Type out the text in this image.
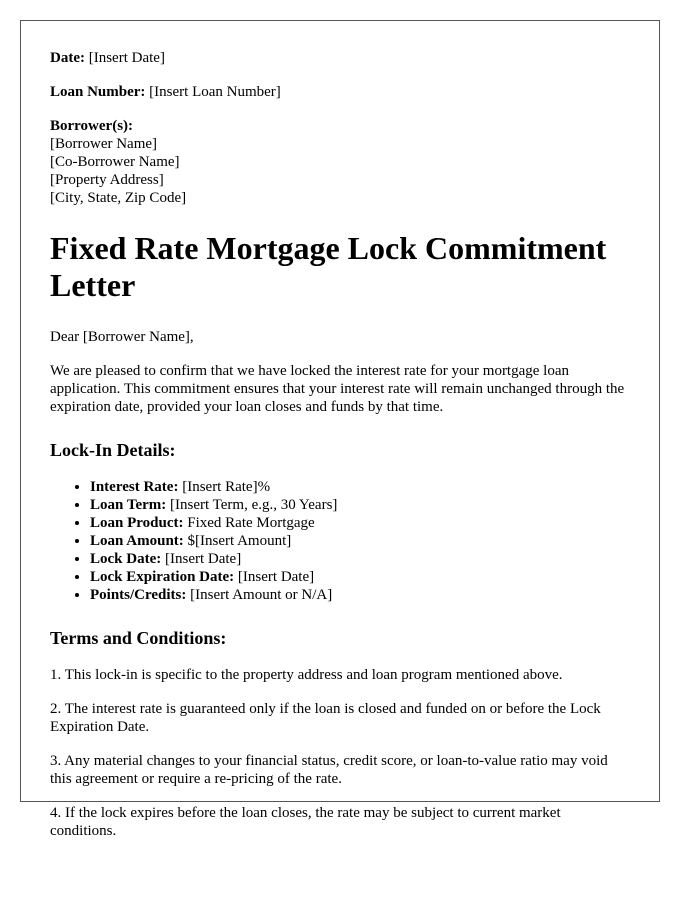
Date: [Insert Date]

Loan Number: [Insert Loan Number]

Borrower(s):

[Borrower Name]

[Co-Borrower Name]

[Property Address]

[City, State, Zip Code]

Fixed Rate Mortgage Lock Commitment Letter

Dear [Borrower Name],

We are pleased to confirm that we have locked the interest rate for your mortgage loan application. This commitment ensures that your interest rate will remain unchanged through the expiration date, provided your loan closes and funds by that time.

Lock-In Details:
• Interest Rate: [Insert Rate]%
• Loan Term: [Insert Term, e.g., 30 Years]
• Loan Product: Fixed Rate Mortgage
• Loan Amount: $[Insert Amount]
• Lock Date: [Insert Date]
• Lock Expiration Date: [Insert Date]
• Points/Credits: [Insert Amount or N/A]
Terms and Conditions:

1. This lock-in is specific to the property address and loan program mentioned above.

2. The interest rate is guaranteed only if the loan is closed and funded on or before the Lock Expiration Date.

3. Any material changes to your financial status, credit score, or loan-to-value ratio may void this agreement or require a re-pricing of the rate.

4. If the lock expires before the loan closes, the rate may be subject to current market conditions.
